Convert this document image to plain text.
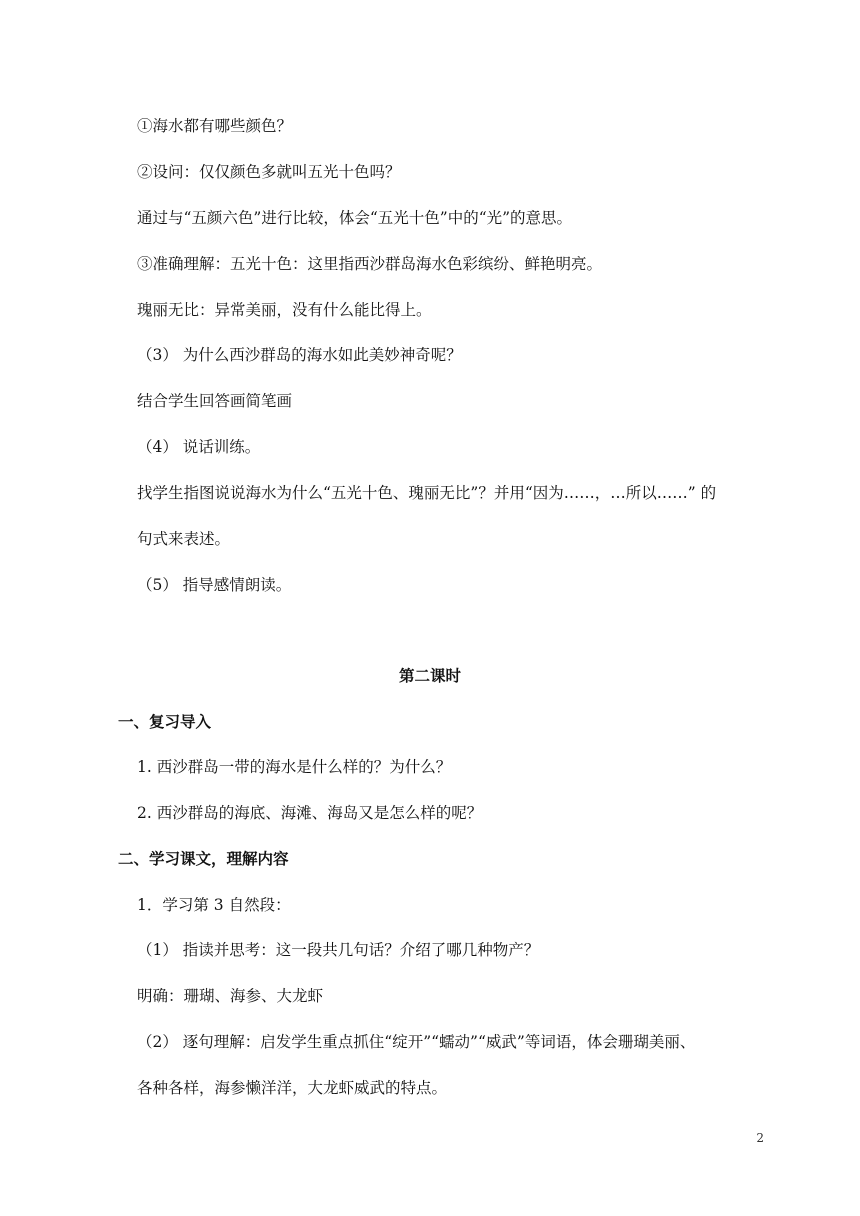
①海水都有哪些颜色？
②设问：仅仅颜色多就叫五光十色吗？
通过与“五颜六色”进行比较，体会“五光十色”中的“光”的意思。
③准确理解：五光十色：这里指西沙群岛海水色彩缤纷、鲜艳明亮。
瑰丽无比：异常美丽，没有什么能比得上。
（3） 为什么西沙群岛的海水如此美妙神奇呢？
结合学生回答画简笔画
（4） 说话训练。
找学生指图说说海水为什么“五光十色、瑰丽无比”？并用“因为……，…所以……” 的
句式来表述。
（5） 指导感情朗读。
第二课时
一、复习导入
1. 西沙群岛一带的海水是什么样的？为什么？
2. 西沙群岛的海底、海滩、海岛又是怎么样的呢？
二、学习课文，理解内容
1．学习第 3 自然段：
（1） 指读并思考：这一段共几句话？介绍了哪几种物产？
明确：珊瑚、海参、大龙虾
（2） 逐句理解：启发学生重点抓住“绽开”“蠕动”“威武”等词语，体会珊瑚美丽、
各种各样，海参懒洋洋，大龙虾威武的特点。
2
